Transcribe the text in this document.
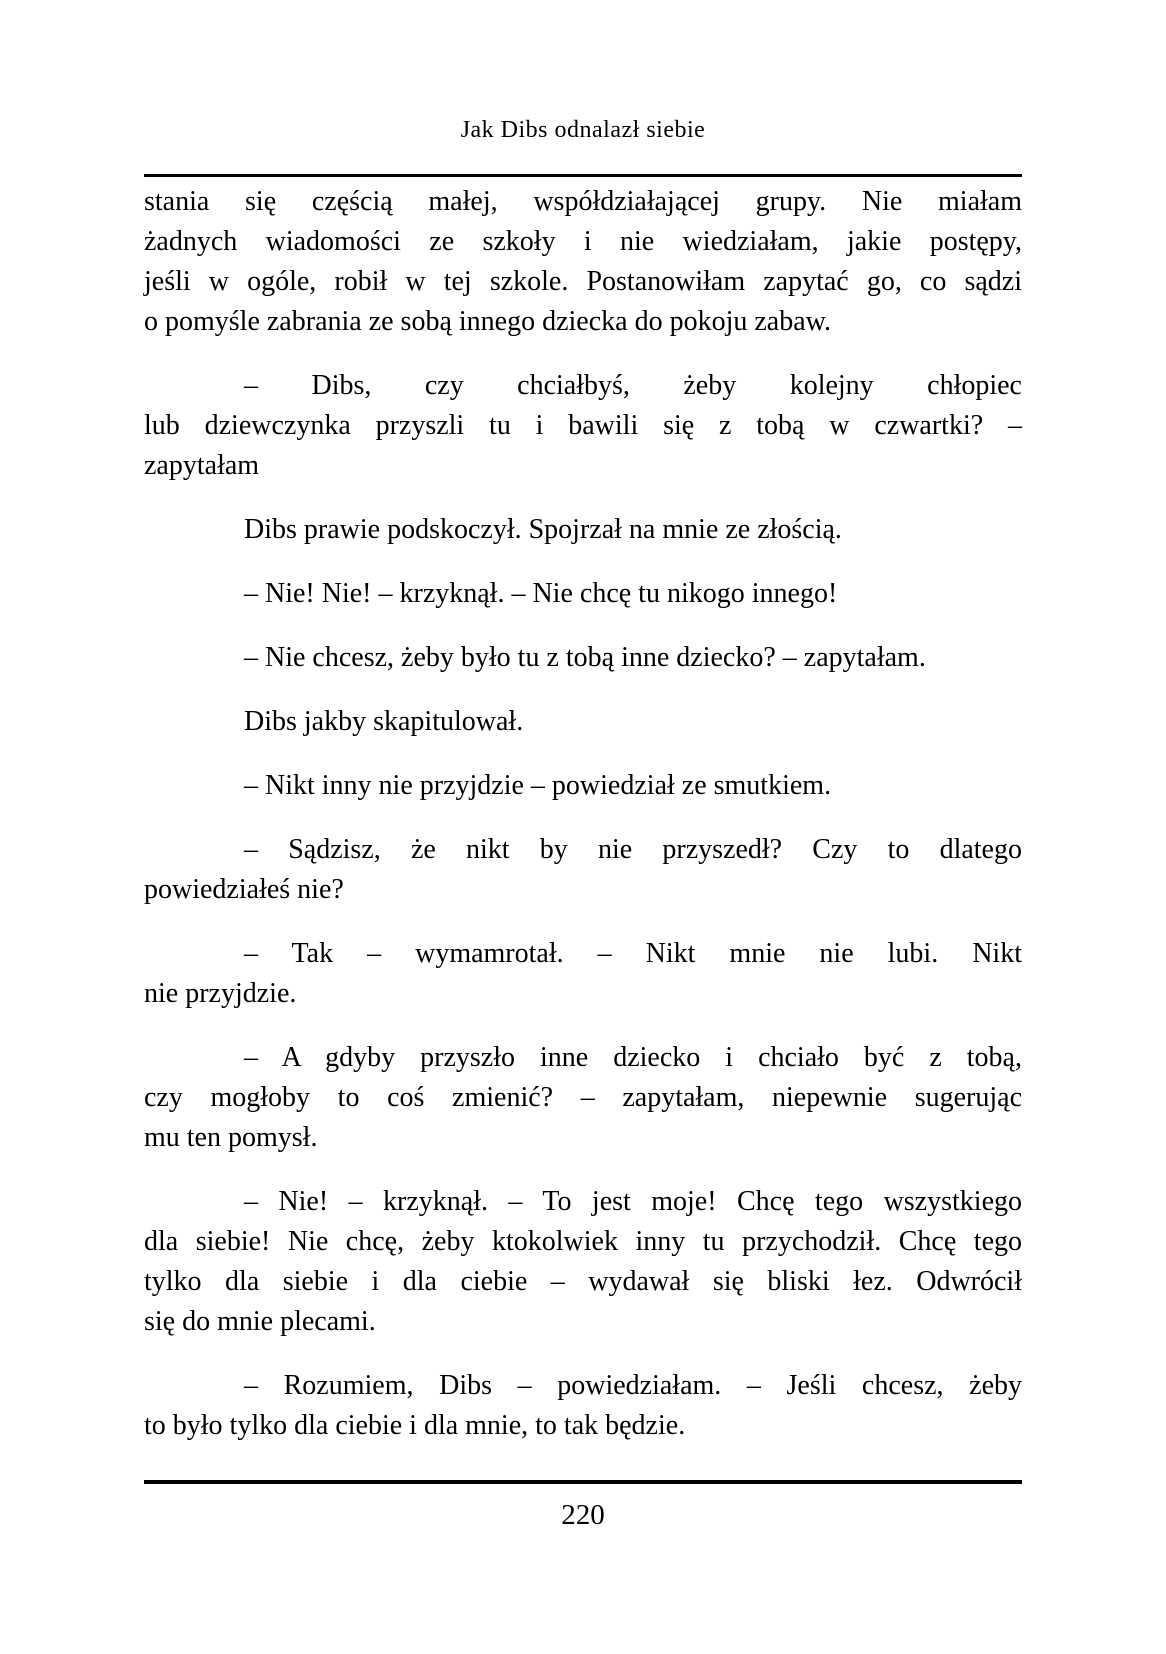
Jak Dibs odnalazł siebie
stania się częścią małej, współdziałającej grupy. Nie miałam
żadnych wiadomości ze szkoły i nie wiedziałam, jakie postępy,
jeśli w ogóle, robił w tej szkole. Postanowiłam zapytać go, co sądzi
o pomyśle zabrania ze sobą innego dziecka do pokoju zabaw.
– Dibs, czy chciałbyś, żeby kolejny chłopiec
lub dziewczynka przyszli tu i bawili się z tobą w czwartki? –
zapytałam
Dibs prawie podskoczył. Spojrzał na mnie ze złością.
– Nie! Nie! – krzyknął. – Nie chcę tu nikogo innego!
– Nie chcesz, żeby było tu z tobą inne dziecko? – zapytałam.
Dibs jakby skapitulował.
– Nikt inny nie przyjdzie – powiedział ze smutkiem.
– Sądzisz, że nikt by nie przyszedł? Czy to dlatego
powiedziałeś nie?
– Tak – wymamrotał. – Nikt mnie nie lubi. Nikt
nie przyjdzie.
– A gdyby przyszło inne dziecko i chciało być z tobą,
czy mogłoby to coś zmienić? – zapytałam, niepewnie sugerując
mu ten pomysł.
– Nie! – krzyknął. – To jest moje! Chcę tego wszystkiego
dla siebie! Nie chcę, żeby ktokolwiek inny tu przychodził. Chcę tego
tylko dla siebie i dla ciebie – wydawał się bliski łez. Odwrócił
się do mnie plecami.
– Rozumiem, Dibs – powiedziałam. – Jeśli chcesz, żeby
to było tylko dla ciebie i dla mnie, to tak będzie.
220
